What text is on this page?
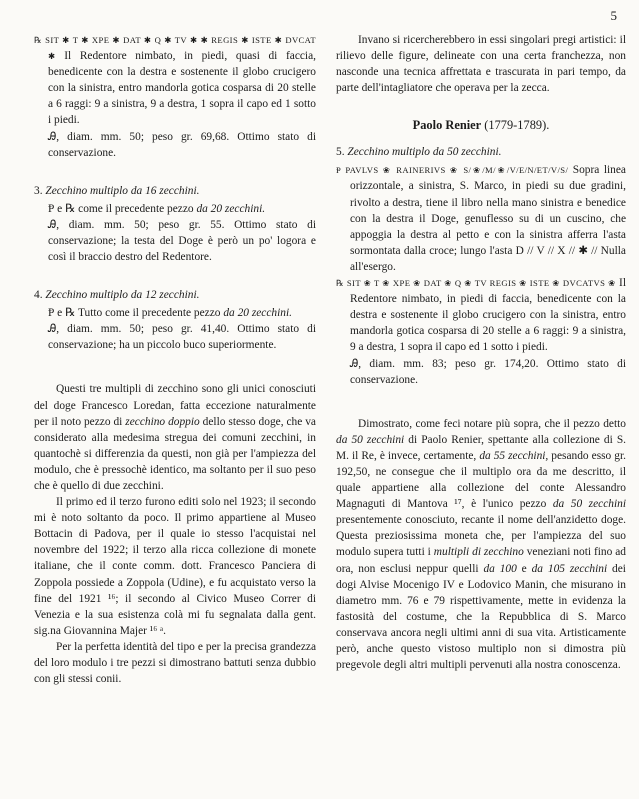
5

℞ SIT ✱ T ✱ XPE ✱ DAT ✱ Q ✱ TV ✱ ✱ REGIS ✱ ISTE ✱ DVCAT ✱ Il Redentore nimbato, in piedi, quasi di faccia, benedicente con la destra e sostenente il globo crucigero con la sinistra, entro mandorla gotica cosparsa di 20 stelle a 6 raggi: 9 a sinistra, 9 a destra, 1 sopra il capo ed 1 sotto i piedi.

Ꭿ, diam. mm. 50; peso gr. 69,68. Ottimo stato di conservazione.

3. Zecchino multiplo da 16 zecchini.

Ᵽ e ℞ come il precedente pezzo da 20 zecchini.

Ꭿ, diam. mm. 50; peso gr. 55. Ottimo stato di conservazione; la testa del Doge è però un po' logora e così il braccio destro del Redentore.

4. Zecchino multiplo da 12 zecchini.

Ᵽ e ℞ Tutto come il precedente pezzo da 20 zecchini.

Ꭿ, diam. mm. 50; peso gr. 41,40. Ottimo stato di conservazione; ha un piccolo buco superiormente.

Questi tre multipli di zecchino sono gli unici conosciuti del doge Francesco Loredan, fatta eccezione naturalmente per il noto pezzo di zecchino doppio dello stesso doge, che va considerato alla medesima stregua dei comuni zecchini, in quantochè si differenzia da questi, non già per l'ampiezza del modulo, che è pressochè identico, ma soltanto per il suo peso che è quello di due zecchini.

Il primo ed il terzo furono editi solo nel 1923; il secondo mi è noto soltanto da poco. Il primo appartiene al Museo Bottacin di Padova, per il quale io stesso l'acquistai nel novembre del 1922; il terzo alla ricca collezione di monete italiane, che il conte comm. dott. Francesco Panciera di Zoppola possiede a Zoppola (Udine), e fu acquistato verso la fine del 1921 ¹⁶; il secondo al Civico Museo Correr di Venezia e la sua esistenza colà mi fu segnalata dalla gent. sig.na Giovannina Majer ¹⁶ ᵃ.

Per la perfetta identità del tipo e per la precisa grandezza del loro modulo i tre pezzi si dimostrano battuti senza dubbio con gli stessi conii.

Invano si ricercherebbero in essi singolari pregi artistici: il rilievo delle figure, delineate con una certa franchezza, non nasconde una tecnica affrettata e trascurata in pari tempo, da parte dell'intagliatore che operava per la zecca.

Paolo Renier (1779-1789).

5. Zecchino multiplo da 50 zecchini.

Ᵽ PAVLVS ❀ RAINERIVS ❀ S/❀/M/❀/V/E/N/ET/V/S/ Sopra linea orizzontale, a sinistra, S. Marco, in piedi su due gradini, rivolto a destra, tiene il libro nella mano sinistra e benedice con la destra il Doge, genuflesso su di un cuscino, che appoggia la destra al petto e con la sinistra afferra l'asta sormontata dalla croce; lungo l'asta D // V // X // ✱ // Nulla all'esergo.

℞ SIT ❀ T ❀ XPE ❀ DAT ❀ Q ❀ TV REGIS ❀ ISTE ❀ DVCATVS ❀ Il Redentore nimbato, in piedi di faccia, benedicente con la destra e sostenente il globo crucigero con la sinistra, entro mandorla gotica cosparsa di 20 stelle a 6 raggi: 9 a sinistra, 9 a destra, 1 sopra il capo ed 1 sotto i piedi.

Ꭿ, diam. mm. 83; peso gr. 174,20. Ottimo stato di conservazione.

Dimostrato, come feci notare più sopra, che il pezzo detto da 50 zecchini di Paolo Renier, spettante alla collezione di S. M. il Re, è invece, certamente, da 55 zecchini, pesando esso gr. 192,50, ne consegue che il multiplo ora da me descritto, il quale appartiene alla collezione del conte Alessandro Magnaguti di Mantova ¹⁷, è l'unico pezzo da 50 zecchini presentemente conosciuto, recante il nome dell'anzidetto doge. Questa preziosissima moneta che, per l'ampiezza del suo modulo supera tutti i multipli di zecchino veneziani noti fino ad ora, non esclusi neppur quelli da 100 e da 105 zecchini dei dogi Alvise Mocenigo IV e Lodovico Manin, che misurano in diametro mm. 76 e 79 rispettivamente, mette in evidenza la fastosità del costume, che la Repubblica di S. Marco conservava ancora negli ultimi anni di sua vita. Artisticamente però, anche questo vistoso multiplo non si dimostra più pregevole degli altri multipli pervenuti alla nostra conoscenza.
